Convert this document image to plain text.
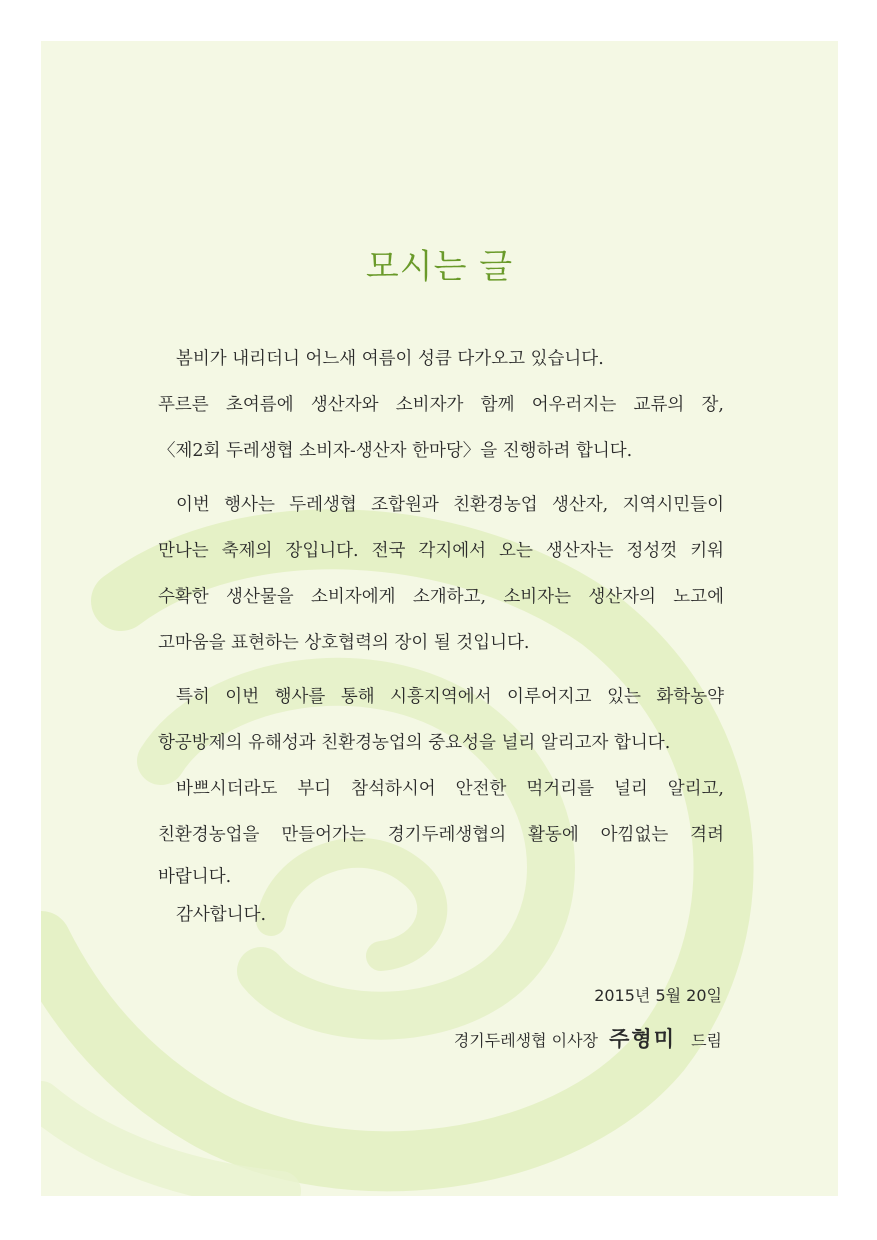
모시는 글

봄비가 내리더니 어느새 여름이 성큼 다가오고 있습니다.
푸르른 초여름에 생산자와 소비자가 함께 어우러지는 교류의 장,
〈제2회 두레생협 소비자-생산자 한마당〉을 진행하려 합니다.

이번 행사는 두레생협 조합원과 친환경농업 생산자, 지역시민들이
만나는 축제의 장입니다. 전국 각지에서 오는 생산자는 정성껏 키워
수확한 생산물을 소비자에게 소개하고, 소비자는 생산자의 노고에
고마움을 표현하는 상호협력의 장이 될 것입니다.

특히 이번 행사를 통해 시흥지역에서 이루어지고 있는 화학농약
항공방제의 유해성과 친환경농업의 중요성을 널리 알리고자 합니다.

바쁘시더라도 부디 참석하시어 안전한 먹거리를 널리 알리고,
친환경농업을 만들어가는 경기두레생협의 활동에 아낌없는 격려
바랍니다.

감사합니다.

2015년 5월 20일
경기두레생협 이사장 주형미 드림
